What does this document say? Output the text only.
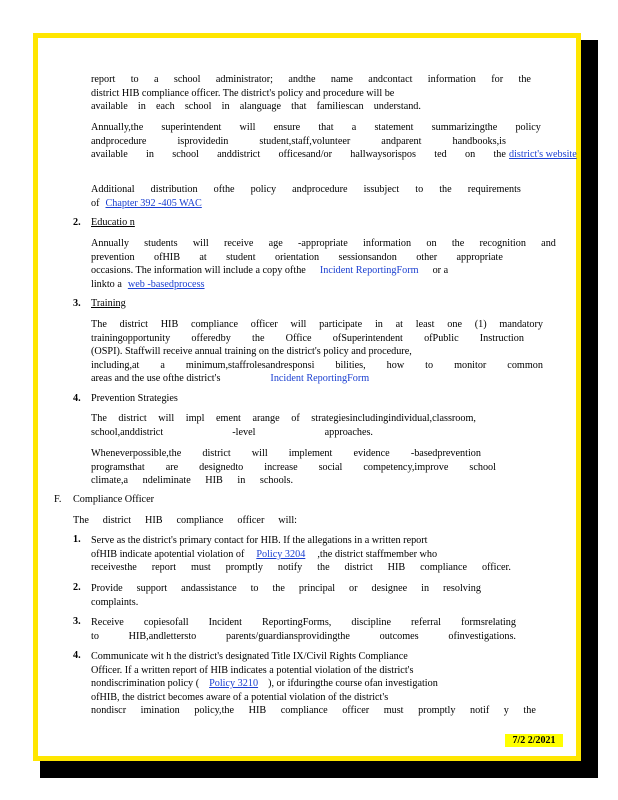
report to a school administrator; andthe name andcontact information for the
district HIB compliance officer. The district's policy and procedure will be
available in each school in alanguage that familiescan understand.
Annually,the superintendent will ensure that a statement summarizingthe policy
andprocedure	isprovidedin	student,staff,volunteer	andparent	handbooks,is
available in school anddistrict officesand/or hallwaysorispos ted on the district's website
Additional distribution ofthe policy andprocedure issubject to the requirements
of Chapter 392 -405 WAC
2. Educatio n
Annually students will receive age -appropriate information on the recognition and
prevention ofHIB at student orientation sessionsandon other appropriate
occasions. The information will include a copy ofthe Incident ReportingForm or a
linkto a web -basedprocess
3. Training
The district HIB compliance officer will participate in at least one (1) mandatory
trainingopportunity offeredby the Office ofSuperintendent ofPublic Instruction
(OSPI). Staffwill receive annual training on the district's policy and procedure,
including,at a minimum,staffrolesandresponsi bilities, how to monitor common
areas and the use ofthe district's	Incident ReportingForm
4. Prevention Strategies
The district will impl ement arange of strategiesincludingindividual,classroom,
school,anddistrict	-level	approaches.
Wheneverpossible,the district will implement evidence -basedprevention
programsthat are designedto increase social competency,improve school
climate,a ndeliminate HIB in schools.
F. Compliance Officer
The district HIB compliance officer will:
1. Serve as the district's primary contact for HIB. If the allegations in a written report
ofHIB indicate apotential violation of Policy 3204 ,the district staffmember who
receivesthe report must promptly notify the district HIB compliance officer.
2. Provide support andassistance to the principal or designee in resolving
complaints.
3. Receive copiesofall Incident ReportingForms, discipline referral formsrelating
to	HIB,andlettersto	parents/guardiansprovidingthe	outcomes	ofinvestigations.
4. Communicate wit h the district's designated Title IX/Civil Rights Compliance
Officer. If a written report of HIB indicates a potential violation of the district's
nondiscrimination policy ( Policy 3210 ), or ifduringthe course ofan investigation
ofHIB, the district becomes aware of a potential violation of the district's
nondiscr imination policy,the HIB compliance officer must promptly notif y the
7/2 2/2021
